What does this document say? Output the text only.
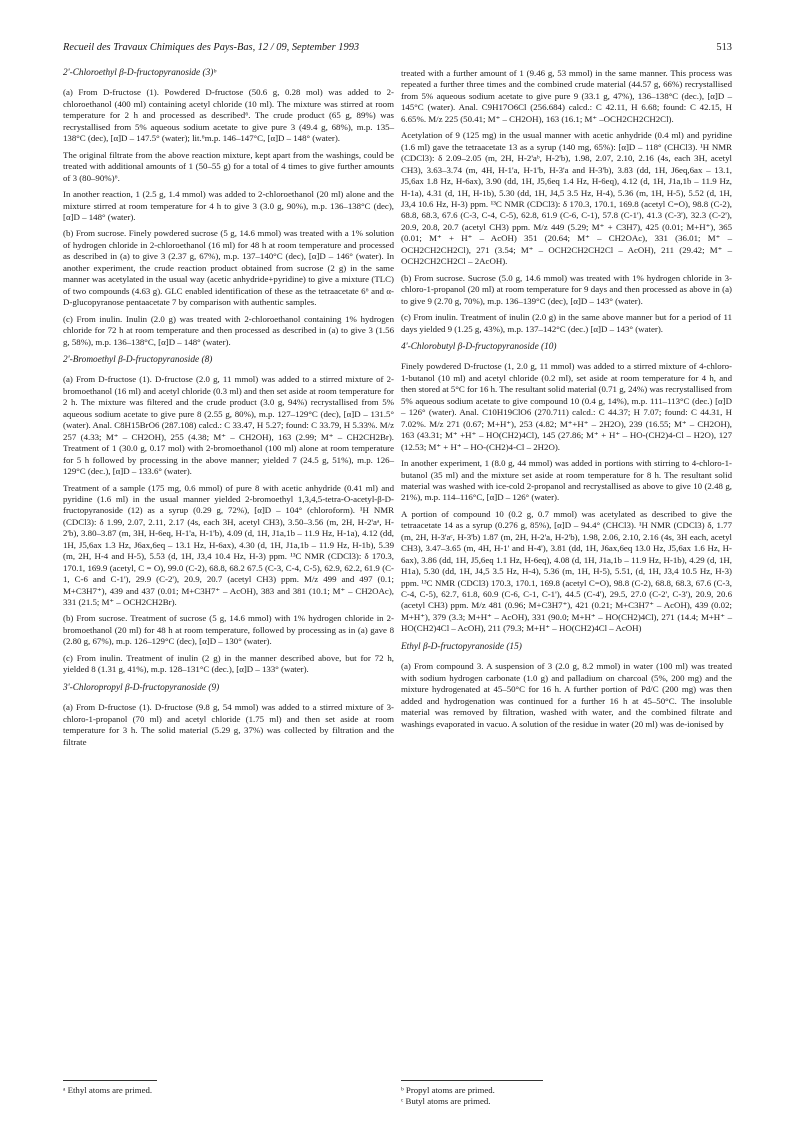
Recueil des Travaux Chimiques des Pays-Bas, 12 / 09, September 1993	513
2'-Chloroethyl β-D-fructopyranoside (3)ᵇ

(a) From D-fructose (1). Powdered D-fructose (50.6 g, 0.28 mol) was added to 2-chloroethanol (400 ml) containing acetyl chloride (10 ml). The mixture was stirred at room temperature for 2 h and processed as described⁶. The crude product (65 g, 89%) was recrystallised from 5% aqueous sodium acetate to give pure 3 (49.4 g, 68%), m.p. 135–138°C (dec), [α]D – 147.5° (water); lit.⁶m.p. 146–147°C, [α]D – 148° (water).

The original filtrate from the above reaction mixture, kept apart from the washings, could be treated with additional amounts of 1 (50–55 g) for a total of 4 times to give further amounts of 3 (80–90%)⁶.

In another reaction, 1 (2.5 g, 1.4 mmol) was added to 2-chloroethanol (20 ml) alone and the mixture stirred at room temperature for 4 h to give 3 (3.0 g, 90%), m.p. 136–138°C (dec), [α]D – 148° (water).

(b) From sucrose. Finely powdered sucrose (5 g, 14.6 mmol) was treated with a 1% solution of hydrogen chloride in 2-chloroethanol (16 ml) for 48 h at room temperature and processed as described in (a) to give 3 (2.37 g, 67%), m.p. 137–140°C (dec), [α]D – 146° (water). In another experiment, the crude reaction product obtained from sucrose (2 g) in the same manner was acetylated in the usual way (acetic anhydride+pyridine) to give a mixture (TLC) of two compounds (4.63 g). GLC enabled identification of these as the tetraacetate 6⁶ and α-D-glucopyranose pentaacetate 7 by comparison with authentic samples.

(c) From inulin. Inulin (2.0 g) was treated with 2-chloroethanol containing 1% hydrogen chloride for 72 h at room temperature and then processed as described in (a) to give 3 (1.56 g, 58%), m.p. 136–138°C, [α]D – 148° (water).

2'-Bromoethyl β-D-fructopyranoside (8)

(a) From D-fructose (1). D-fructose (2.0 g, 11 mmol) was added to a stirred mixture of 2-bromoethanol (16 ml) and acetyl chloride (0.3 ml) and then set aside at room temperature for 2 h. The mixture was filtered and the crude product (3.0 g, 94%) recrystallised from 5% aqueous sodium acetate to give pure 8 (2.55 g, 80%), m.p. 127–129°C (dec), [α]D – 131.5° (water). Anal. C8H15BrO6 (287.108) calcd.: C 33.47, H 5.27; found: C 33.79, H 5.33%. M/z 257 (4.33; M⁺ – CH2OH), 255 (4.38; M⁺ – CH2OH), 163 (2.99; M⁺ – CH2CH2Br). Treatment of 1 (30.0 g, 0.17 mol) with 2-bromoethanol (100 ml) alone at room temperature for 5 h followed by processing in the above manner; yielded 7 (24.5 g, 51%), m.p. 126–129°C (dec.), [α]D – 133.6° (water).

Treatment of a sample (175 mg, 0.6 mmol) of pure 8 with acetic anhydride (0.41 ml) and pyridine (1.6 ml) in the usual manner yielded 2-bromoethyl 1,3,4,5-tetra-O-acetyl-β-D-fructopyranoside (12) as a syrup (0.29 g, 72%), [α]D – 104° (chloroform). ¹H NMR (CDCl3): δ 1.99, 2.07, 2.11, 2.17 (4s, each 3H, acetyl CH3), 3.50–3.56 (m, 2H, H-2'aᵃ, H-2'b), 3.80–3.87 (m, 3H, H-6eq, H-1'a, H-1'b), 4.09 (d, 1H, J1a,1b – 11.9 Hz, H-1a), 4.12 (dd, 1H, J5,6ax 1.3 Hz, J6ax,6eq – 13.1 Hz, H-6ax), 4.30 (d, 1H, J1a,1b – 11.9 Hz, H-1b), 5.39 (m, 2H, H-4 and H-5), 5.53 (d, 1H, J3,4 10.4 Hz, H-3) ppm. ¹³C NMR (CDCl3): δ 170.3, 170.1, 169.9 (acetyl, C = O), 99.0 (C-2), 68.8, 68.2 67.5 (C-3, C-4, C-5), 62.9, 62.2, 61.9 (C-1, C-6 and C-1'), 29.9 (C-2'), 20.9, 20.7 (acetyl CH3) ppm. M/z 499 and 497 (0.1; M+C3H7⁺), 439 and 437 (0.01; M+C3H7⁺ – AcOH), 383 and 381 (10.1; M⁺ – CH2OAc), 331 (21.5; M⁺ – OCH2CH2Br).

(b) From sucrose. Treatment of sucrose (5 g, 14.6 mmol) with 1% hydrogen chloride in 2-bromoethanol (20 ml) for 48 h at room temperature, followed by processing as in (a) gave 8 (2.80 g, 67%), m.p. 126–129°C (dec), [α]D – 130° (water).

(c) From inulin. Treatment of inulin (2 g) in the manner described above, but for 72 h, yielded 8 (1.31 g, 41%), m.p. 128–131°C (dec.), [α]D – 133° (water).

3'-Chloropropyl β-D-fructopyranoside (9)

(a) From D-fructose (1). D-fructose (9.8 g, 54 mmol) was added to a stirred mixture of 3-chloro-1-propanol (70 ml) and acetyl chloride (1.75 ml) and then set aside at room temperature for 3 h. The solid material (5.29 g, 37%) was collected by filtration and the filtrate

treated with a further amount of 1 (9.46 g, 53 mmol) in the same manner. This process was repeated a further three times and the combined crude material (44.57 g, 66%) recrystallised from 5% aqueous sodium acetate to give pure 9 (33.1 g, 47%), 136–138°C (dec.), [α]D – 145°C (water). Anal. C9H17O6Cl (256.684) calcd.: C 42.11, H 6.68; found: C 42.15, H 6.65%. M/z 225 (50.41; M⁺ – CH2OH), 163 (16.1; M⁺ –OCH2CH2CH2Cl).

Acetylation of 9 (125 mg) in the usual manner with acetic anhydride (0.4 ml) and pyridine (1.6 ml) gave the tetraacetate 13 as a syrup (140 mg, 65%): [α]D – 118° (CHCl3). ¹H NMR (CDCl3): δ 2.09–2.05 (m, 2H, H-2'aᵇ, H-2'b), 1.98, 2.07, 2.10, 2.16 (4s, each 3H, acetyl CH3), 3.63–3.74 (m, 4H, H-1'a, H-1'b, H-3'a and H-3'b), 3.83 (dd, 1H, J6eq,6ax – 13.1, J5,6ax 1.8 Hz, H-6ax), 3.90 (dd, 1H, J5,6eq 1.4 Hz, H-6eq), 4.12 (d, 1H, J1a,1b – 11.9 Hz, H-1a), 4.31 (d, 1H, H-1b), 5.30 (dd, 1H, J4,5 3.5 Hz, H-4), 5.36 (m, 1H, H-5), 5.52 (d, 1H, J3,4 10.6 Hz, H-3) ppm. ¹³C NMR (CDCl3): δ 170.3, 170.1, 169.8 (acetyl C=O), 98.8 (C-2), 68.8, 68.3, 67.6 (C-3, C-4, C-5), 62.8, 61.9 (C-6, C-1), 57.8 (C-1'), 41.3 (C-3'), 32.3 (C-2'), 20.9, 20.8, 20.7 (acetyl CH3) ppm. M/z 449 (5.29; M⁺ + C3H7), 425 (0.01; M+H⁺), 365 (0.01; M⁺ + H⁺ – AcOH) 351 (20.64; M⁺ – CH2OAc), 331 (36.01; M⁺ – OCH2CH2CH2Cl), 271 (3.54; M⁺ – OCH2CH2CH2Cl – AcOH), 211 (29.42; M⁺ – OCH2CH2CH2Cl – 2AcOH).

(b) From sucrose. Sucrose (5.0 g, 14.6 mmol) was treated with 1% hydrogen chloride in 3-chloro-1-propanol (20 ml) at room temperature for 9 days and then processed as above in (a) to give 9 (2.70 g, 70%), m.p. 136–139°C (dec), [α]D – 143° (water).

(c) From inulin. Treatment of inulin (2.0 g) in the same above manner but for a period of 11 days yielded 9 (1.25 g, 43%), m.p. 137–142°C (dec.) [α]D – 143° (water).

4'-Chlorobutyl β-D-fructopyranoside (10)

Finely powdered D-fructose (1, 2.0 g, 11 mmol) was added to a stirred mixture of 4-chloro-1-butanol (10 ml) and acetyl chloride (0.2 ml), set aside at room temperature for 4 h, and then stored at 5°C for 16 h. The resultant solid material (0.71 g, 24%) was recrystallised from 5% aqueous sodium acetate to give compound 10 (0.4 g, 14%), m.p. 111–113°C (dec.) [α]D – 126° (water). Anal. C10H19ClO6 (270.711) calcd.: C 44.37; H 7.07; found: C 44.31, H 7.02%. M/z 271 (0.67; M+H⁺), 253 (4.82; M⁺+H⁺ – 2H2O), 239 (16.55; M⁺ – CH2OH), 163 (43.31; M⁺ +H⁺ – HO(CH2)4Cl), 145 (27.86; M⁺ + H⁺ – HO-(CH2)4-Cl – H2O), 127 (12.53; M⁺ + H⁺ – HO-(CH2)4-Cl – 2H2O).

In another experiment, 1 (8.0 g, 44 mmol) was added in portions with stirring to 4-chloro-1-butanol (35 ml) and the mixture set aside at room temperature for 8 h. The resultant solid material was washed with ice-cold 2-propanol and recrystallised as above to give 10 (2.48 g, 21%), m.p. 114–116°C, [α]D – 126° (water).

A portion of compound 10 (0.2 g, 0.7 mmol) was acetylated as described to give the tetraacetate 14 as a syrup (0.276 g, 85%), [α]D – 94.4° (CHCl3). ¹H NMR (CDCl3) δ, 1.77 (m, 2H, H-3'aᶜ, H-3'b) 1.87 (m, 2H, H-2'a, H-2'b), 1.98, 2.06, 2.10, 2.16 (4s, 3H each, acetyl CH3), 3.47–3.65 (m, 4H, H-1' and H-4'), 3.81 (dd, 1H, J6ax,6eq 13.0 Hz, J5,6ax 1.6 Hz, H-6ax), 3.86 (dd, 1H, J5,6eq 1.1 Hz, H-6eq), 4.08 (d, 1H, J1a,1b – 11.9 Hz, H-1b), 4.29 (d, 1H, H1a), 5.30 (dd, 1H, J4,5 3.5 Hz, H-4), 5.36 (m, 1H, H-5), 5.51, (d, 1H, J3,4 10.5 Hz, H-3) ppm. ¹³C NMR (CDCl3) 170.3, 170.1, 169.8 (acetyl C=O), 98.8 (C-2), 68.8, 68.3, 67.6 (C-3, C-4, C-5), 62.7, 61.8, 60.9 (C-6, C-1, C-1'), 44.5 (C-4'), 29.5, 27.0 (C-2', C-3'), 20.9, 20.6 (acetyl CH3) ppm. M/z 481 (0.96; M+C3H7⁺), 421 (0.21; M+C3H7⁺ – AcOH), 439 (0.02; M+H⁺), 379 (3.3; M+H⁺ – AcOH), 331 (90.0; M+H⁺ – HO(CH2)4Cl), 271 (14.4; M+H⁺ – HO(CH2)4Cl – AcOH), 211 (79.3; M+H⁺ – HO(CH2)4Cl – AcOH)

Ethyl β-D-fructopyranoside (15)

(a) From compound 3. A suspension of 3 (2.0 g, 8.2 mmol) in water (100 ml) was treated with sodium hydrogen carbonate (1.0 g) and palladium on charcoal (5%, 200 mg) and the mixture hydrogenated at 45–50°C for 16 h. A further portion of Pd/C (200 mg) was then added and hydrogenation was continued for a further 16 h at 45–50°C. The insoluble material was removed by filtration, washed with water, and the combined filtrate and washings evaporated in vacuo. A solution of the residue in water (20 ml) was de-ionised by

ᵃ Ethyl atoms are primed.	ᵇ Propyl atoms are primed.
ᶜ Butyl atoms are primed.
